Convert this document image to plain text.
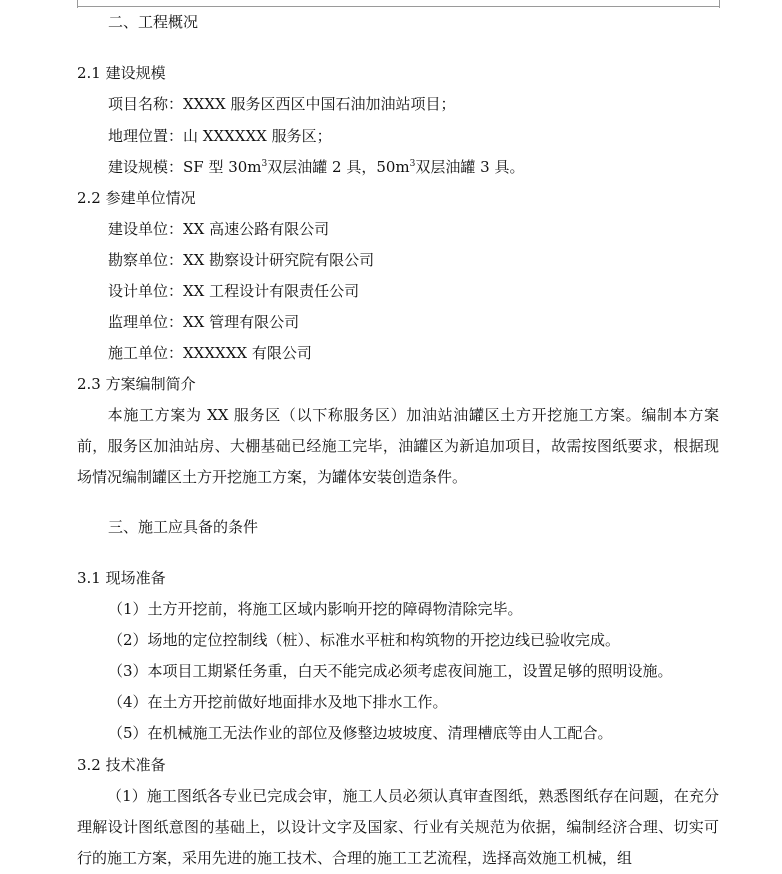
二、工程概况
2.1 建设规模
项目名称：XXXX 服务区西区中国石油加油站项目；
地理位置：山 XXXXXX 服务区；
建设规模：SF 型 $30m^3$双层油罐 2 具，$50m^3$双层油罐 3 具。
2.2 参建单位情况
建设单位：XX 高速公路有限公司
勘察单位：XX 勘察设计研究院有限公司
设计单位：XX 工程设计有限责任公司
监理单位：XX 管理有限公司
施工单位：XXXXXX 有限公司
2.3 方案编制简介
本施工方案为 XX 服务区（以下称服务区）加油站油罐区土方开挖施工方案。编制本方案前，服务区加油站房、大棚基础已经施工完毕，油罐区为新追加项目，故需按图纸要求，根据现场情况编制罐区土方开挖施工方案，为罐体安装创造条件。
三、施工应具备的条件
3.1 现场准备
（1）土方开挖前，将施工区域内影响开挖的障碍物清除完毕。
（2）场地的定位控制线（桩）、标准水平桩和构筑物的开挖边线已验收完成。
（3）本项目工期紧任务重，白天不能完成必须考虑夜间施工，设置足够的照明设施。
（4）在土方开挖前做好地面排水及地下排水工作。
（5）在机械施工无法作业的部位及修整边坡坡度、清理槽底等由人工配合。
3.2 技术准备
（1）施工图纸各专业已完成会审，施工人员必须认真审查图纸，熟悉图纸存在问题，在充分理解设计图纸意图的基础上，以设计文字及国家、行业有关规范为依据，编制经济合理、切实可行的施工方案，采用先进的施工技术、合理的施工工艺流程，选择高效施工机械，组
